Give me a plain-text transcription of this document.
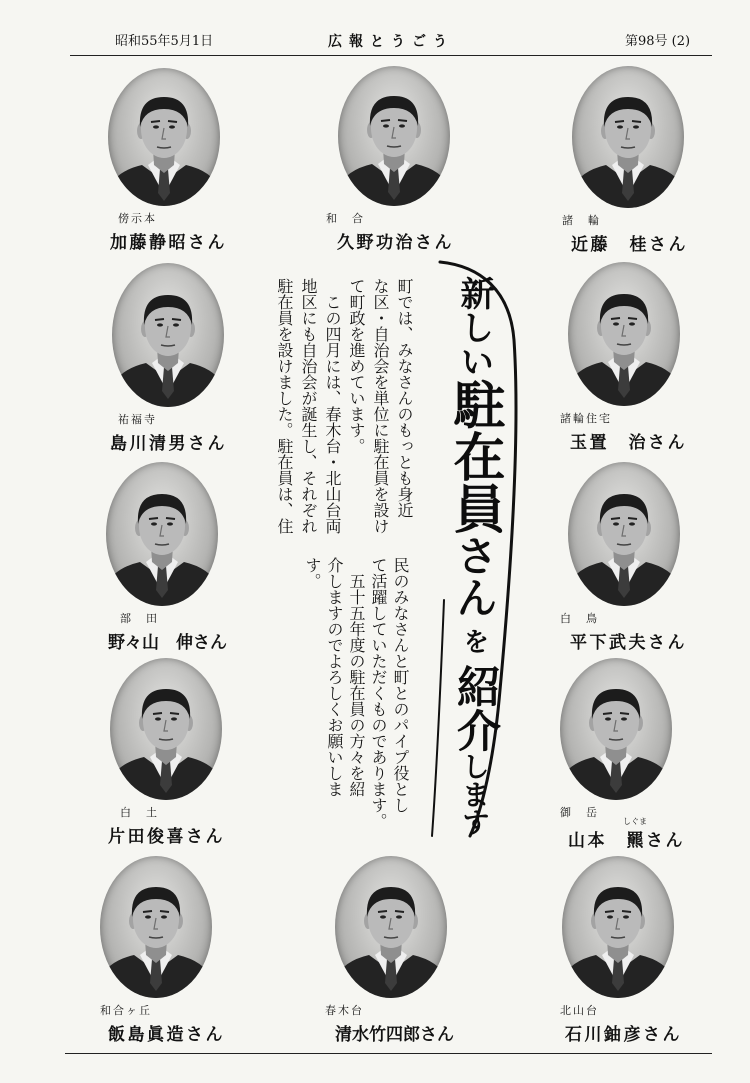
昭和55年5月1日	広報とうごう	第98号 (2)
新しい駐在員さんを紹介します
町では、みなさんのもっとも身近
な区・自治会を単位に駐在員を設け
て町政を進めています。
　この四月には、春木台・北山台両
地区にも自治会が誕生し、それぞれ
駐在員を設けました。駐在員は、住
民のみなさんと町とのパイプ役とし
て活躍していただくものであります。
　五十五年度の駐在員の方々を紹
介しますのでよろしくお願いしま
す。
傍示本
加藤静昭さん
和　合
久野功治さん
諸　輪
近藤　桂さん
祐福寺
島川清男さん
諸輪住宅
玉置　治さん
部　田
野々山　伸さん
白　鳥
平下武夫さん
白　土
片田俊喜さん
御　岳
しぐま
山本　羆さん
和合ヶ丘
飯島眞造さん
春木台
清水竹四郎さん
北山台
石川鈾彦さん
